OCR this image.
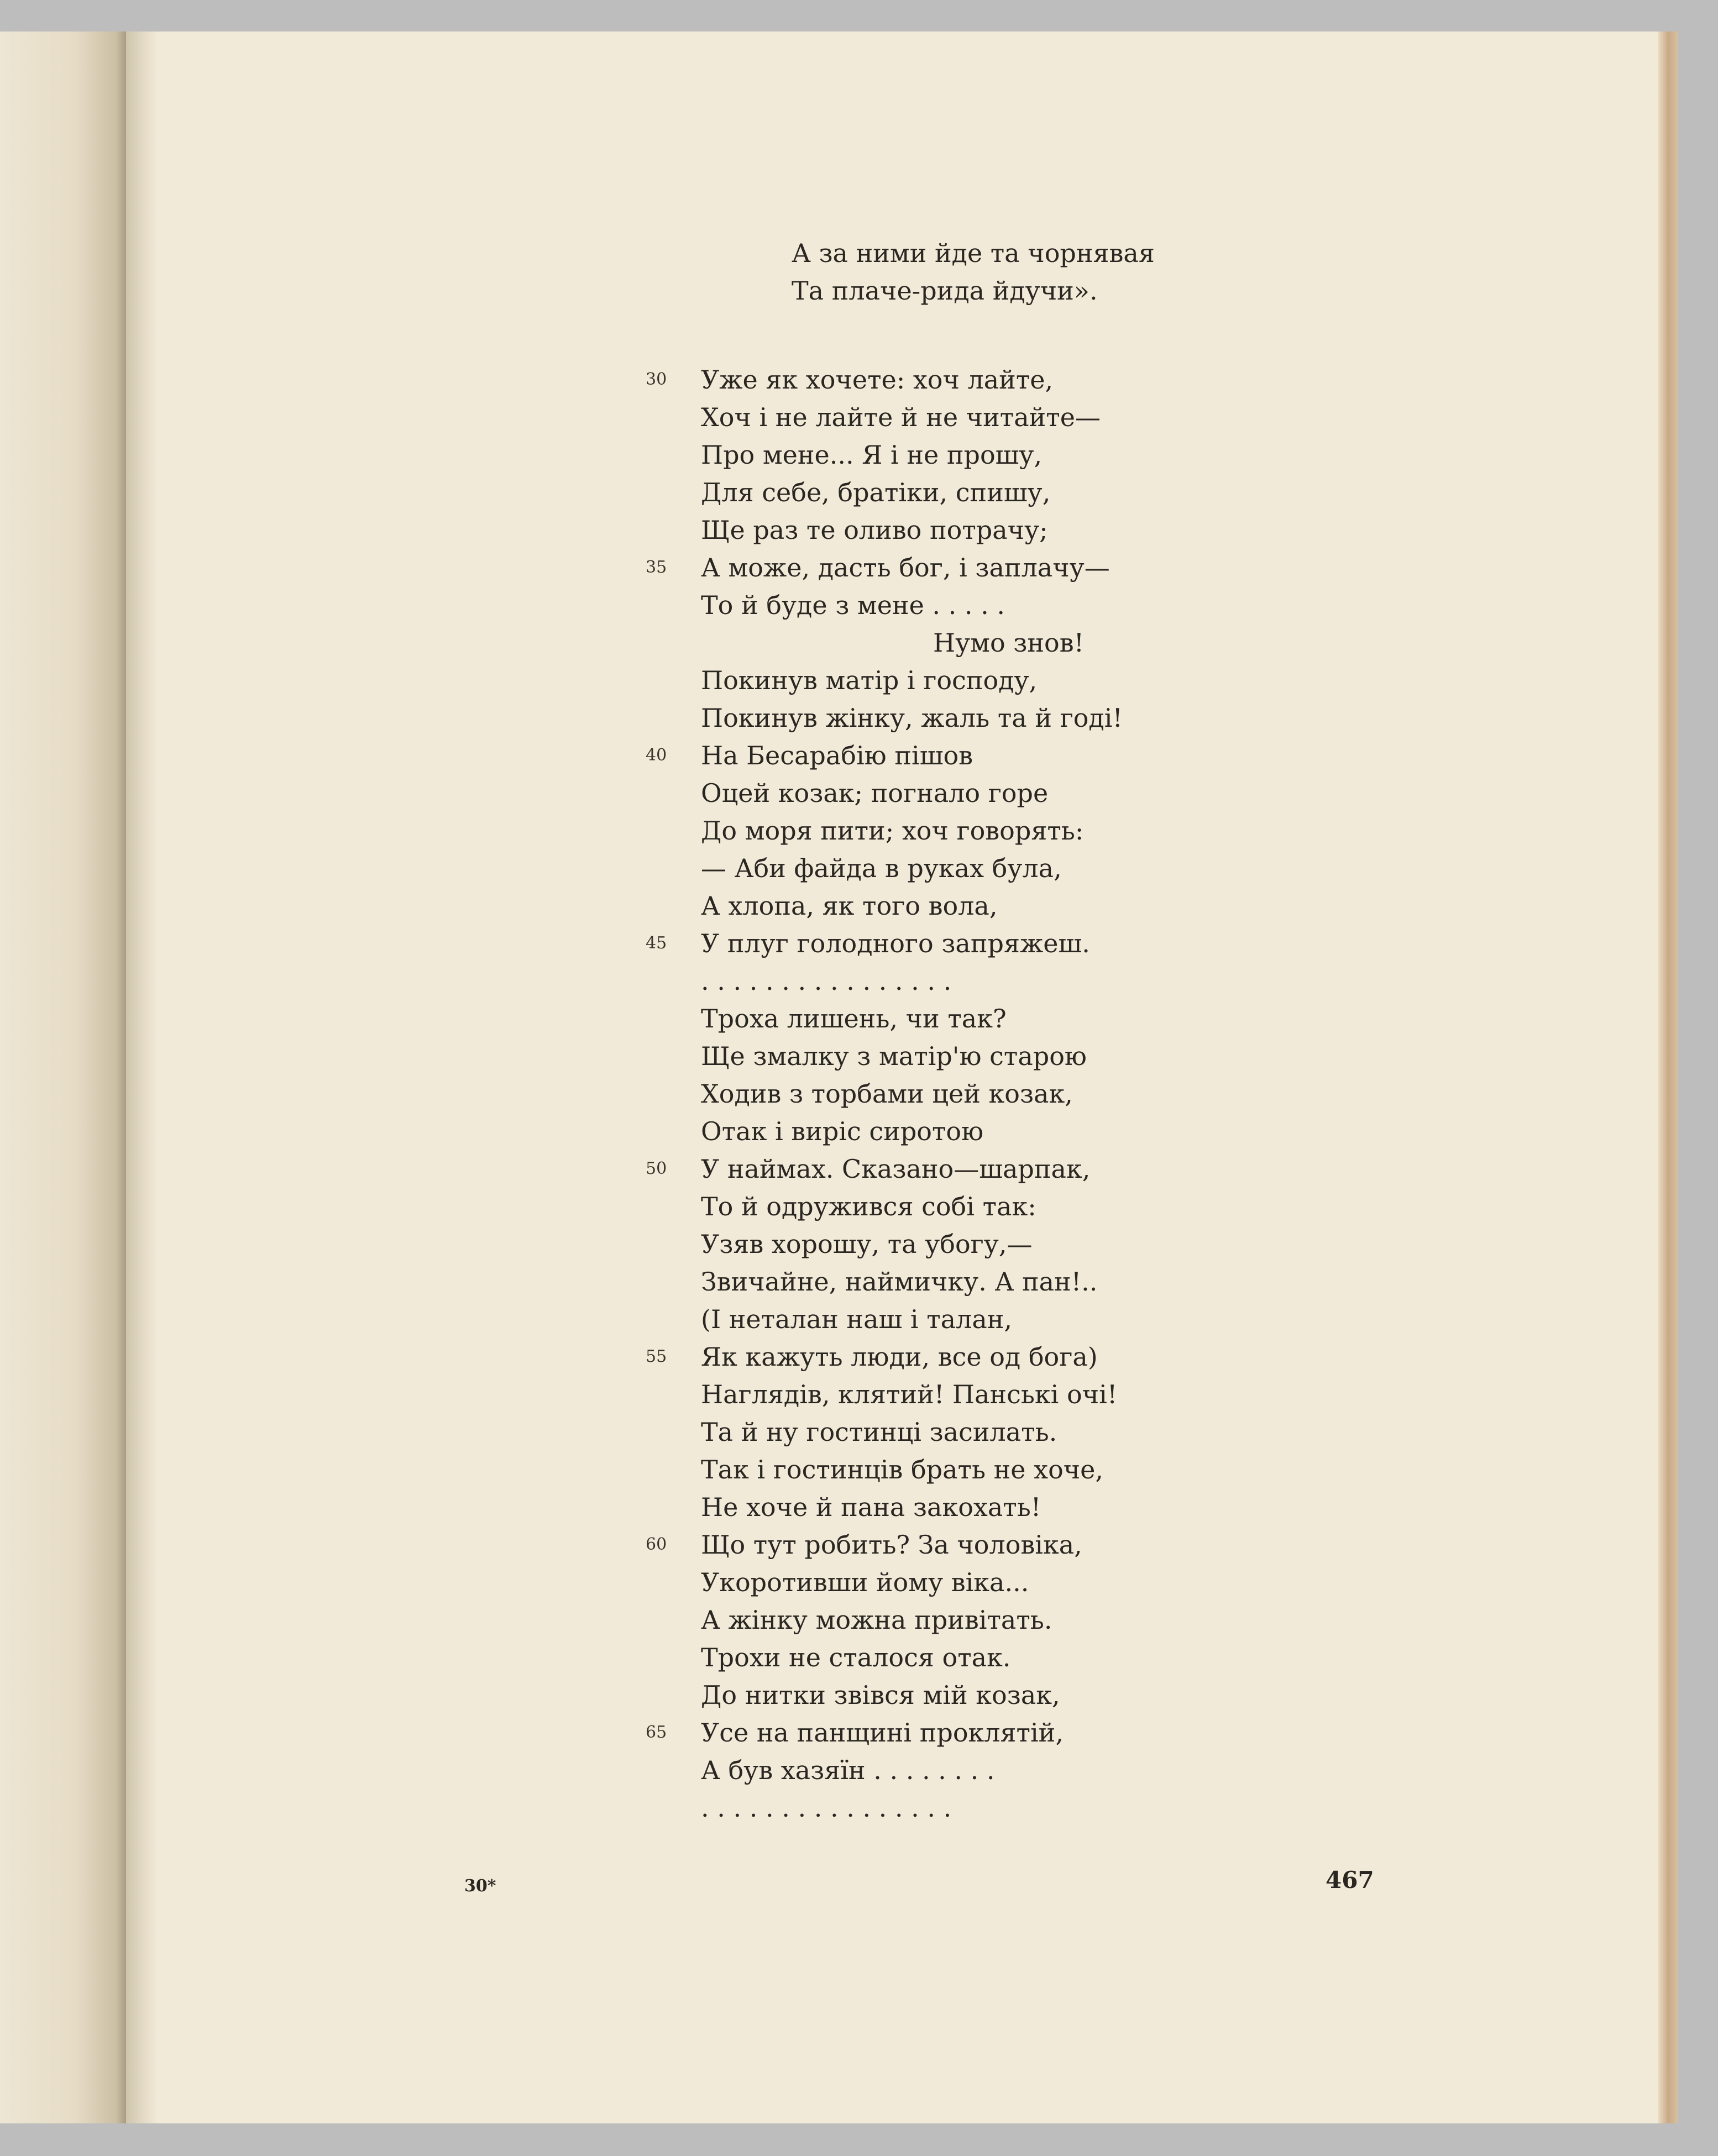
А за ними йде та чорнявая
Та плаче-рида йдучи».
Уже як хочете: хоч лайте,
Хоч і не лайте й не читайте—
Про мене... Я і не прошу,
Для себе, братіки, спишу,
Ще раз те оливо потрачу;
А може, дасть бог, і заплачу—
То й буде з мене . . . . .
Нумо знов!
Покинув матір і господу,
Покинув жінку, жаль та й годі!
На Бесарабію пішов
Оцей козак; погнало горе
До моря пити; хоч говорять:
— Аби файда в руках була,
А хлопа, як того вола,
У плуг голодного запряжеш.
. . . . . . . . . . . . . . . .
Троха лишень, чи так?
Ще змалку з матір'ю старою
Ходив з торбами цей козак,
Отак і виріс сиротою
У наймах. Сказано—шарпак,
То й одружився собі так:
Узяв хорошу, та убогу,—
Звичайне, наймичку. А пан!..
(І неталан наш і талан,
Як кажуть люди, все од бога)
Наглядів, клятий! Панські очі!
Та й ну гостинці засилать.
Так і гостинців брать не хоче,
Не хоче й пана закохать!
Що тут робить? За чоловіка,
Укоротивши йому віка...
А жінку можна привітать.
Трохи не сталося отак.
До нитки звівся мій козак,
Усе на панщині проклятій,
А був хазяїн . . . . . . . .
. . . . . . . . . . . . . . . .
30
35
40
45
50
55
60
65
30*	467
